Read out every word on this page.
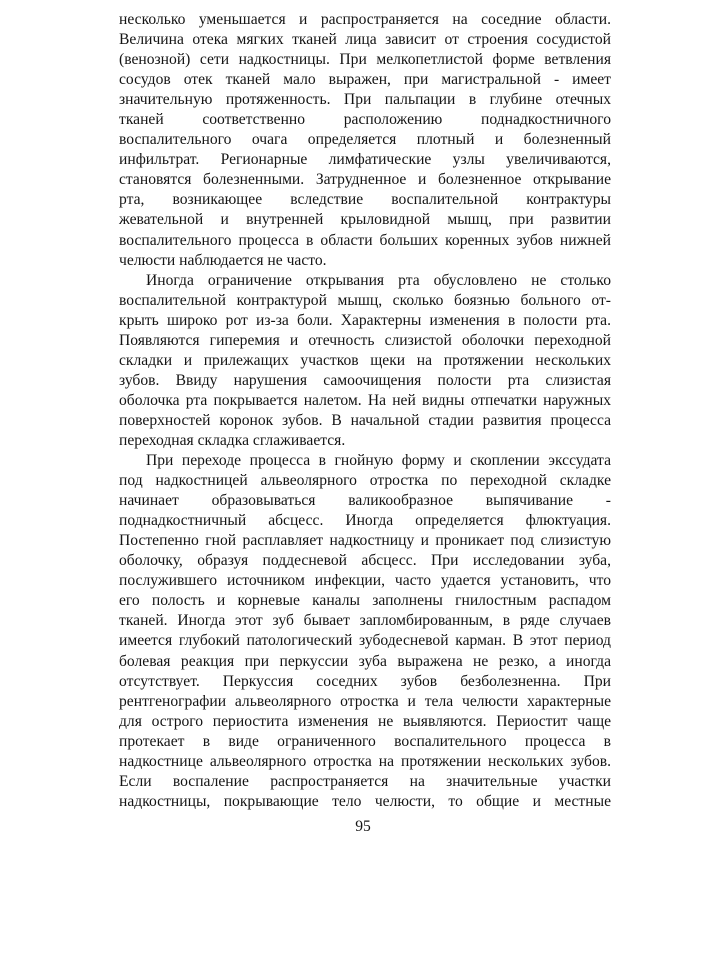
несколько уменьшается и распространяется на соседние области.
Величина отека мягких тканей лица зависит от строения сосудистой
(венозной) сети надкостницы. При мелкопетлистой форме ветвления
сосудов отек тканей мало выражен, при магистральной - имеет
значительную протяженность. При пальпации в глубине отечных
тканей соответственно расположению поднадкостничного
воспалительного очага определяется плотный и болезненный
инфильтрат. Регионарные лимфатические узлы увеличиваются,
становятся болезненными. Затрудненное и болезненное открывание
рта, возникающее вследствие воспалительной контрактуры
жевательной и внутренней крыловидной мышц, при развитии
воспалительного процесса в области больших коренных зубов нижней
челюсти наблюдается не часто.
Иногда ограничение открывания рта обусловлено не столько
воспалительной контрактурой мышц, сколько боязнью больного от-
крыть широко рот из-за боли. Характерны изменения в полости рта.
Появляются гиперемия и отечность слизистой оболочки переходной
складки и прилежащих участков щеки на протяжении нескольких
зубов. Ввиду нарушения самоочищения полости рта слизистая
оболочка рта покрывается налетом. На ней видны отпечатки наружных
поверхностей коронок зубов. В начальной стадии развития процесса
переходная складка сглаживается.
При переходе процесса в гнойную форму и скоплении экссудата
под надкостницей альвеолярного отростка по переходной складке
начинает образовываться валикообразное выпячивание -
поднадкостничный абсцесс. Иногда определяется флюктуация.
Постепенно гной расплавляет надкостницу и проникает под слизистую
оболочку, образуя поддесневой абсцесс. При исследовании зуба,
послужившего источником инфекции, часто удается установить, что
его полость и корневые каналы заполнены гнилостным распадом
тканей. Иногда этот зуб бывает запломбированным, в ряде случаев
имеется глубокий патологический зубодесневой карман. В этот период
болевая реакция при перкуссии зуба выражена не резко, а иногда
отсутствует. Перкуссия соседних зубов безболезненна. При
рентгенографии альвеолярного отростка и тела челюсти характерные
для острого периостита изменения не выявляются. Периостит чаще
протекает в виде ограниченного воспалительного процесса в
надкостнице альвеолярного отростка на протяжении нескольких зубов.
Если воспаление распространяется на значительные участки
надкостницы, покрывающие тело челюсти, то общие и местные
95
